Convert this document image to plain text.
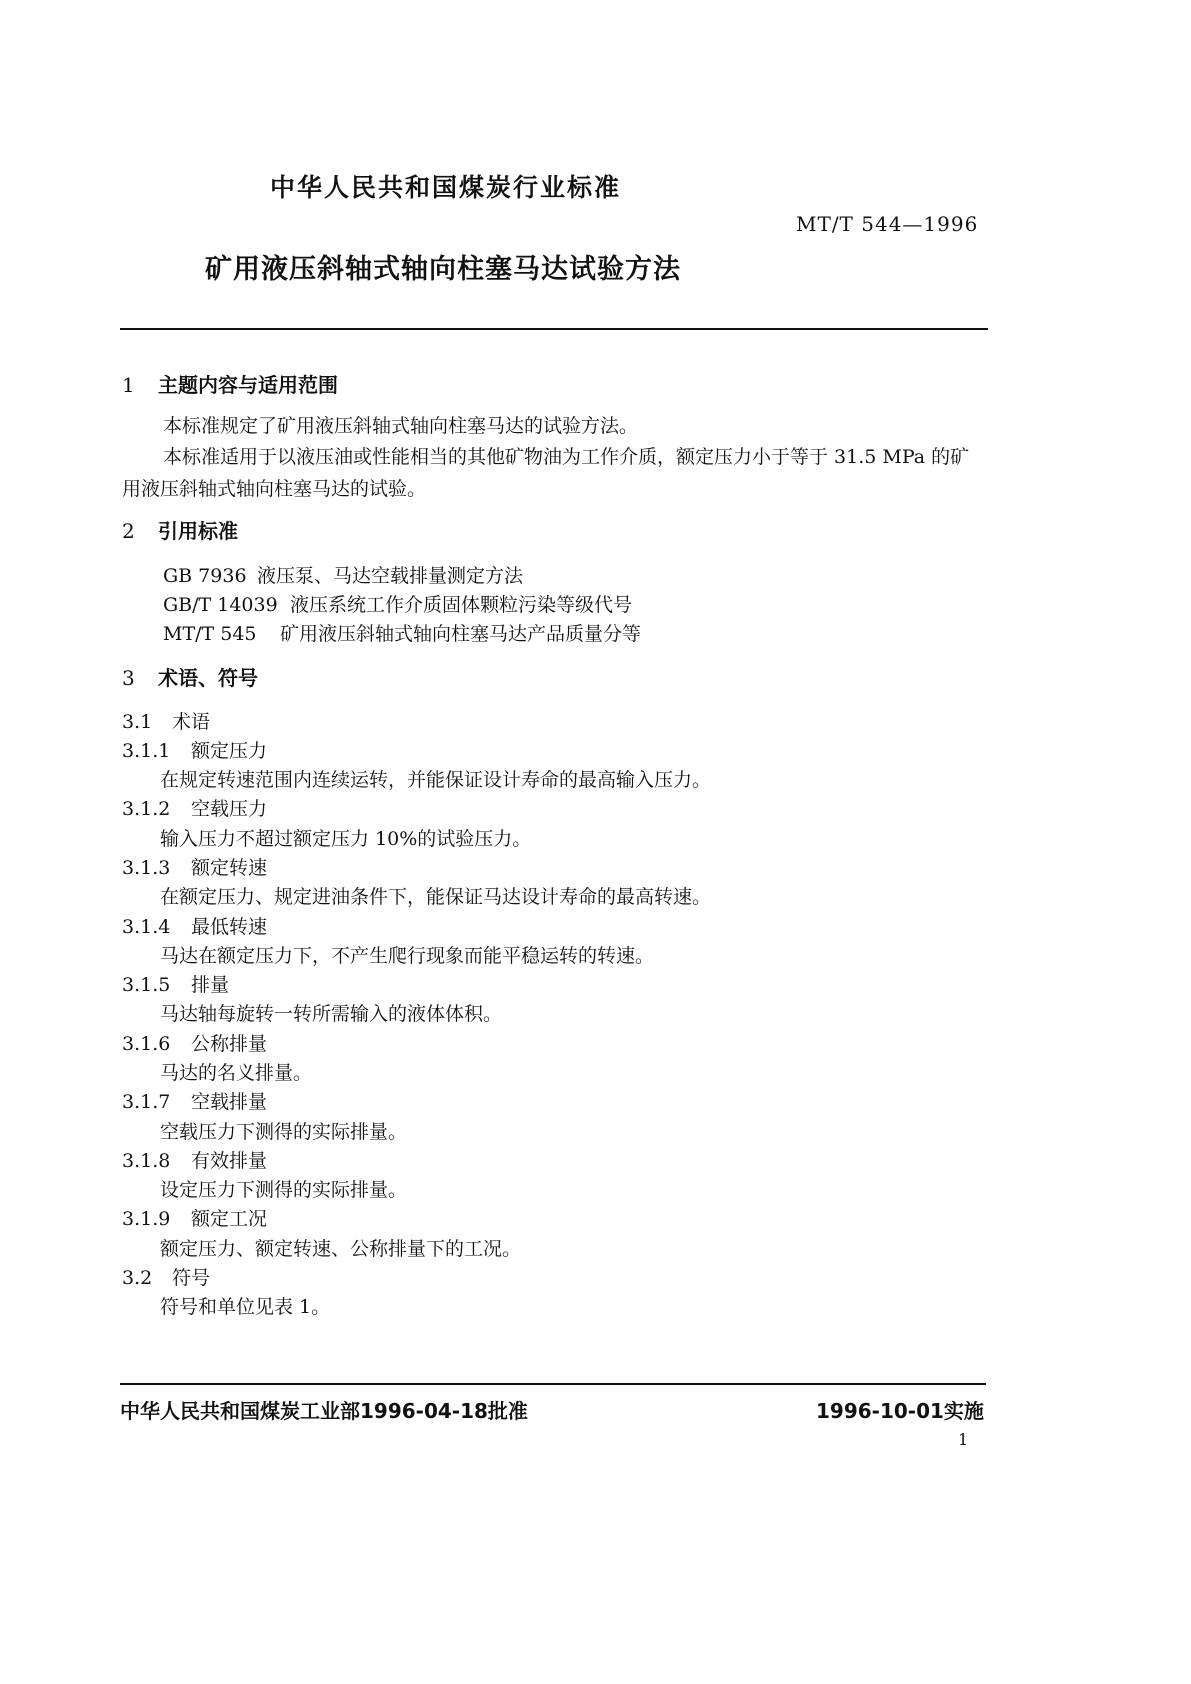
中华人民共和国煤炭行业标准
MT/T 544—1996
矿用液压斜轴式轴向柱塞马达试验方法
1 主题内容与适用范围
本标准规定了矿用液压斜轴式轴向柱塞马达的试验方法。
本标准适用于以液压油或性能相当的其他矿物油为工作介质，额定压力小于等于 31.5 MPa 的矿
用液压斜轴式轴向柱塞马达的试验。
2 引用标准
GB 7936 液压泵、马达空载排量测定方法
GB/T 14039 液压系统工作介质固体颗粒污染等级代号
MT/T 545 矿用液压斜轴式轴向柱塞马达产品质量分等
3 术语、符号
3.1 术语
3.1.1 额定压力
在规定转速范围内连续运转，并能保证设计寿命的最高输入压力。
3.1.2 空载压力
输入压力不超过额定压力 10%的试验压力。
3.1.3 额定转速
在额定压力、规定进油条件下，能保证马达设计寿命的最高转速。
3.1.4 最低转速
马达在额定压力下，不产生爬行现象而能平稳运转的转速。
3.1.5 排量
马达轴每旋转一转所需输入的液体体积。
3.1.6 公称排量
马达的名义排量。
3.1.7 空载排量
空载压力下测得的实际排量。
3.1.8 有效排量
设定压力下测得的实际排量。
3.1.9 额定工况
额定压力、额定转速、公称排量下的工况。
3.2 符号
符号和单位见表 1。
中华人民共和国煤炭工业部1996-04-18批准	1996-10-01实施
1
